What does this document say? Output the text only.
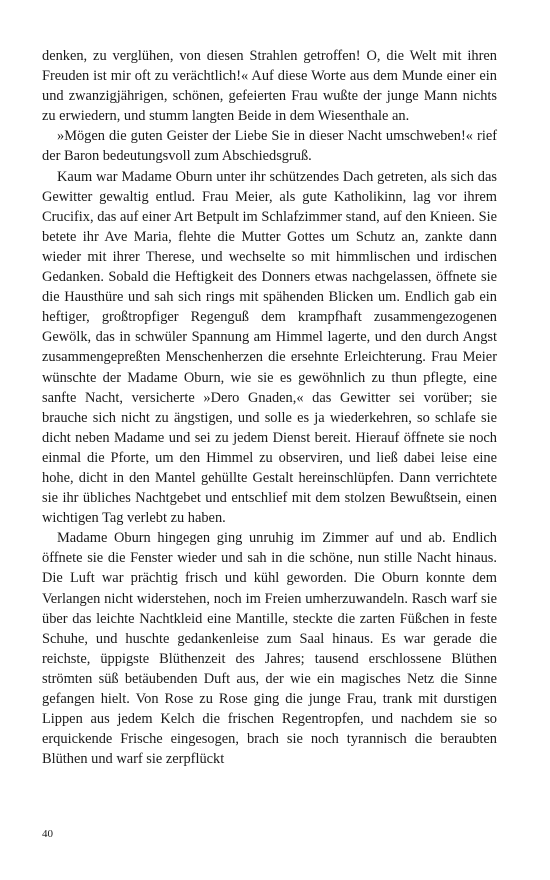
denken, zu verglühen, von diesen Strahlen getroffen! O, die Welt mit ihren Freuden ist mir oft zu verächtlich!« Auf diese Worte aus dem Munde einer ein und zwanzigjährigen, schönen, gefeierten Frau wußte der junge Mann nichts zu erwiedern, und stumm langten Beide in dem Wiesenthale an.

»Mögen die guten Geister der Liebe Sie in dieser Nacht umschweben!« rief der Baron bedeutungsvoll zum Abschiedsgruß.

Kaum war Madame Oburn unter ihr schützendes Dach getreten, als sich das Gewitter gewaltig entlud. Frau Meier, als gute Katholikinn, lag vor ihrem Crucifix, das auf einer Art Betpult im Schlafzimmer stand, auf den Knieen. Sie betete ihr Ave Maria, flehte die Mutter Gottes um Schutz an, zankte dann wieder mit ihrer Therese, und wechselte so mit himmlischen und irdischen Gedanken. Sobald die Heftigkeit des Donners etwas nachgelassen, öffnete sie die Hausthüre und sah sich rings mit spähenden Blicken um. Endlich gab ein heftiger, großtropfiger Regenguß dem krampfhaft zusammengezogenen Gewölk, das in schwüler Spannung am Himmel lagerte, und den durch Angst zusammengepreßten Menschenherzen die ersehnte Erleichterung. Frau Meier wünschte der Madame Oburn, wie sie es gewöhnlich zu thun pflegte, eine sanfte Nacht, versicherte »Dero Gnaden,« das Gewitter sei vorüber; sie brauche sich nicht zu ängstigen, und solle es ja wiederkehren, so schlafe sie dicht neben Madame und sei zu jedem Dienst bereit. Hierauf öffnete sie noch einmal die Pforte, um den Himmel zu observiren, und ließ dabei leise eine hohe, dicht in den Mantel gehüllte Gestalt hereinschlüpfen. Dann verrichtete sie ihr übliches Nachtgebet und entschlief mit dem stolzen Bewußtsein, einen wichtigen Tag verlebt zu haben.

Madame Oburn hingegen ging unruhig im Zimmer auf und ab. Endlich öffnete sie die Fenster wieder und sah in die schöne, nun stille Nacht hinaus. Die Luft war prächtig frisch und kühl geworden. Die Oburn konnte dem Verlangen nicht widerstehen, noch im Freien umherzuwandeln. Rasch warf sie über das leichte Nachtkleid eine Mantille, steckte die zarten Füßchen in feste Schuhe, und huschte gedankenleise zum Saal hinaus. Es war gerade die reichste, üppigste Blüthenzeit des Jahres; tausend erschlossene Blüthen strömten süß betäubenden Duft aus, der wie ein magisches Netz die Sinne gefangen hielt. Von Rose zu Rose ging die junge Frau, trank mit durstigen Lippen aus jedem Kelch die frischen Regentropfen, und nachdem sie so erquickende Frische eingesogen, brach sie noch tyrannisch die beraubten Blüthen und warf sie zerpflückt

40
